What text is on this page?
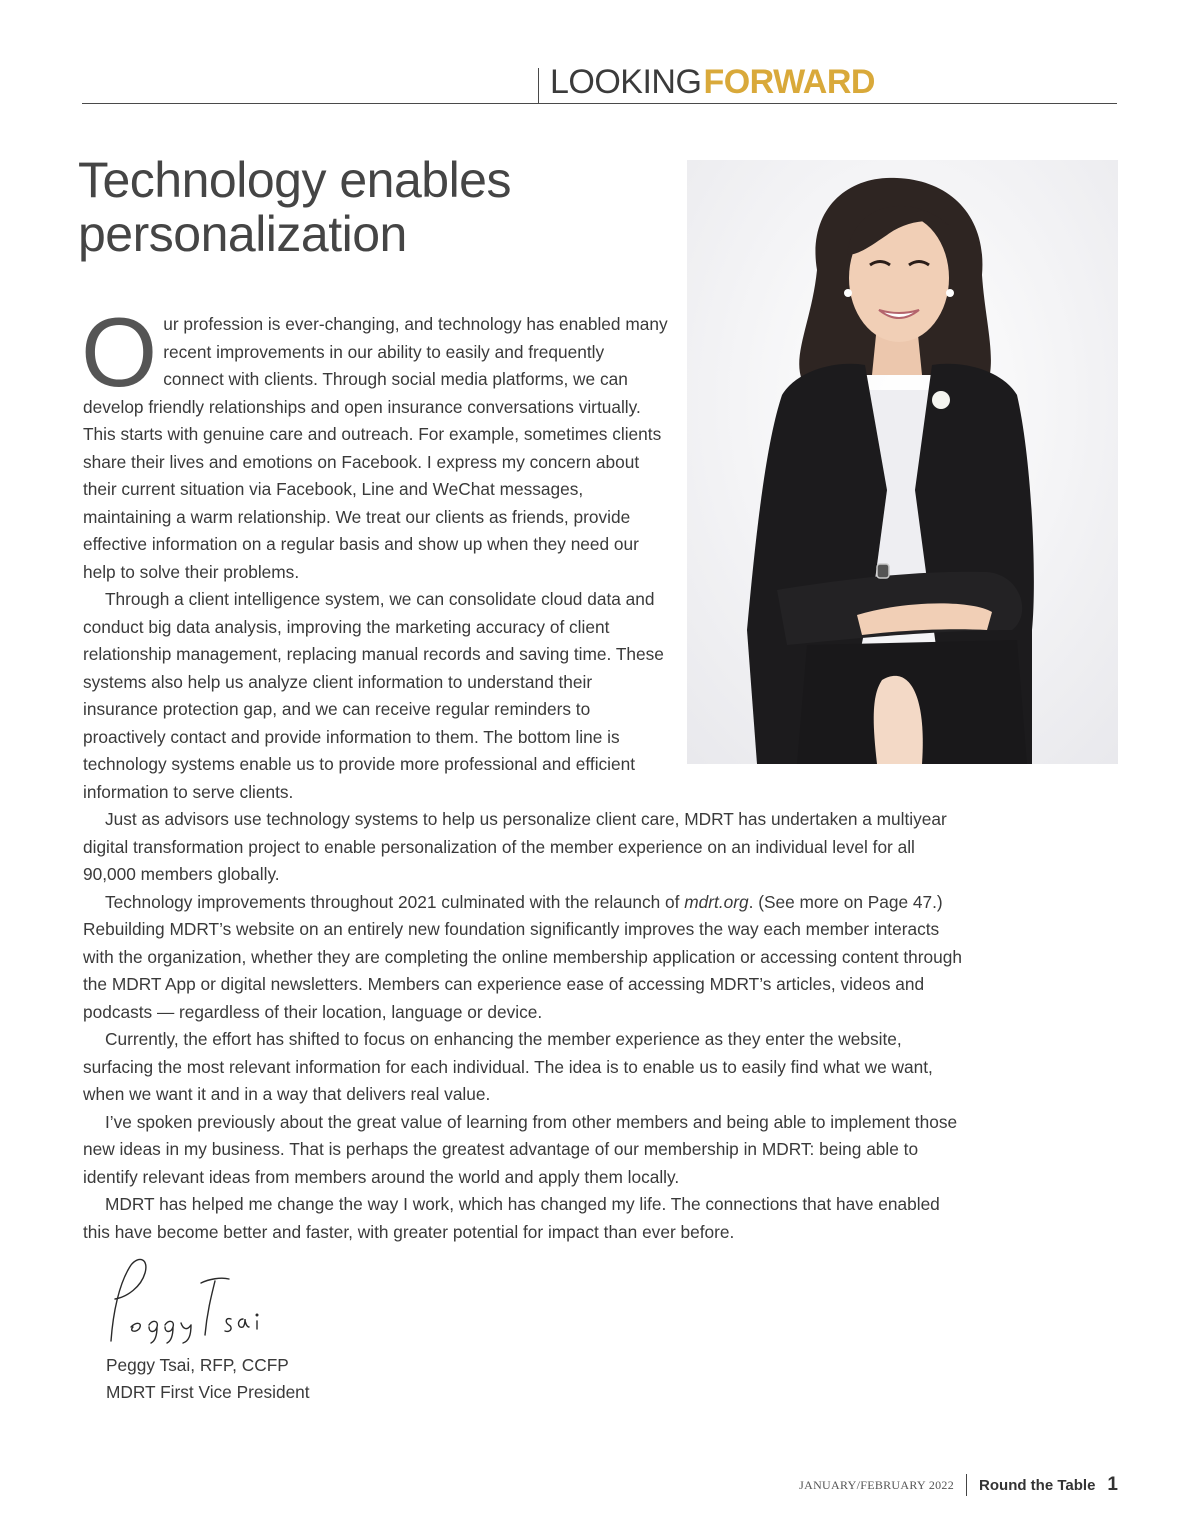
LOOKINGFORWARD
Technology enables personalization

Our profession is ever-changing, and technology has enabled many recent improvements in our ability to easily and frequently connect with clients. Through social media platforms, we can develop friendly relationships and open insurance conversations virtually. This starts with genuine care and outreach. For example, sometimes clients share their lives and emotions on Facebook. I express my concern about their current situation via Facebook, Line and WeChat messages, maintaining a warm relationship. We treat our clients as friends, provide effective information on a regular basis and show up when they need our help to solve their problems.

Through a client intelligence system, we can consolidate cloud data and conduct big data analysis, improving the marketing accuracy of client relationship management, replacing manual records and saving time. These systems also help us analyze client information to understand their insurance protection gap, and we can receive regular reminders to proactively contact and provide information to them. The bottom line is technology systems enable us to provide more professional and efficient information to serve clients.

Just as advisors use technology systems to help us personalize client care, MDRT has undertaken a multiyear digital transformation project to enable personalization of the member experience on an individual level for all 90,000 members globally.

Technology improvements throughout 2021 culminated with the relaunch of mdrt.org. (See more on Page 47.) Rebuilding MDRT’s website on an entirely new foundation significantly improves the way each member interacts with the organization, whether they are completing the online membership application or accessing content through the MDRT App or digital newsletters. Members can experience ease of accessing MDRT’s articles, videos and podcasts — regardless of their location, language or device.

Currently, the effort has shifted to focus on enhancing the member experience as they enter the website, surfacing the most relevant information for each individual. The idea is to enable us to easily find what we want, when we want it and in a way that delivers real value.

I’ve spoken previously about the great value of learning from other members and being able to implement those new ideas in my business. That is perhaps the greatest advantage of our membership in MDRT: being able to identify relevant ideas from members around the world and apply them locally.

MDRT has helped me change the way I work, which has changed my life. The connections that have enabled this have become better and faster, with greater potential for impact than ever before.

Peggy Tsai, RFP, CCFP
MDRT First Vice President
JANUARY/FEBRUARY 2022 Round the Table 1
